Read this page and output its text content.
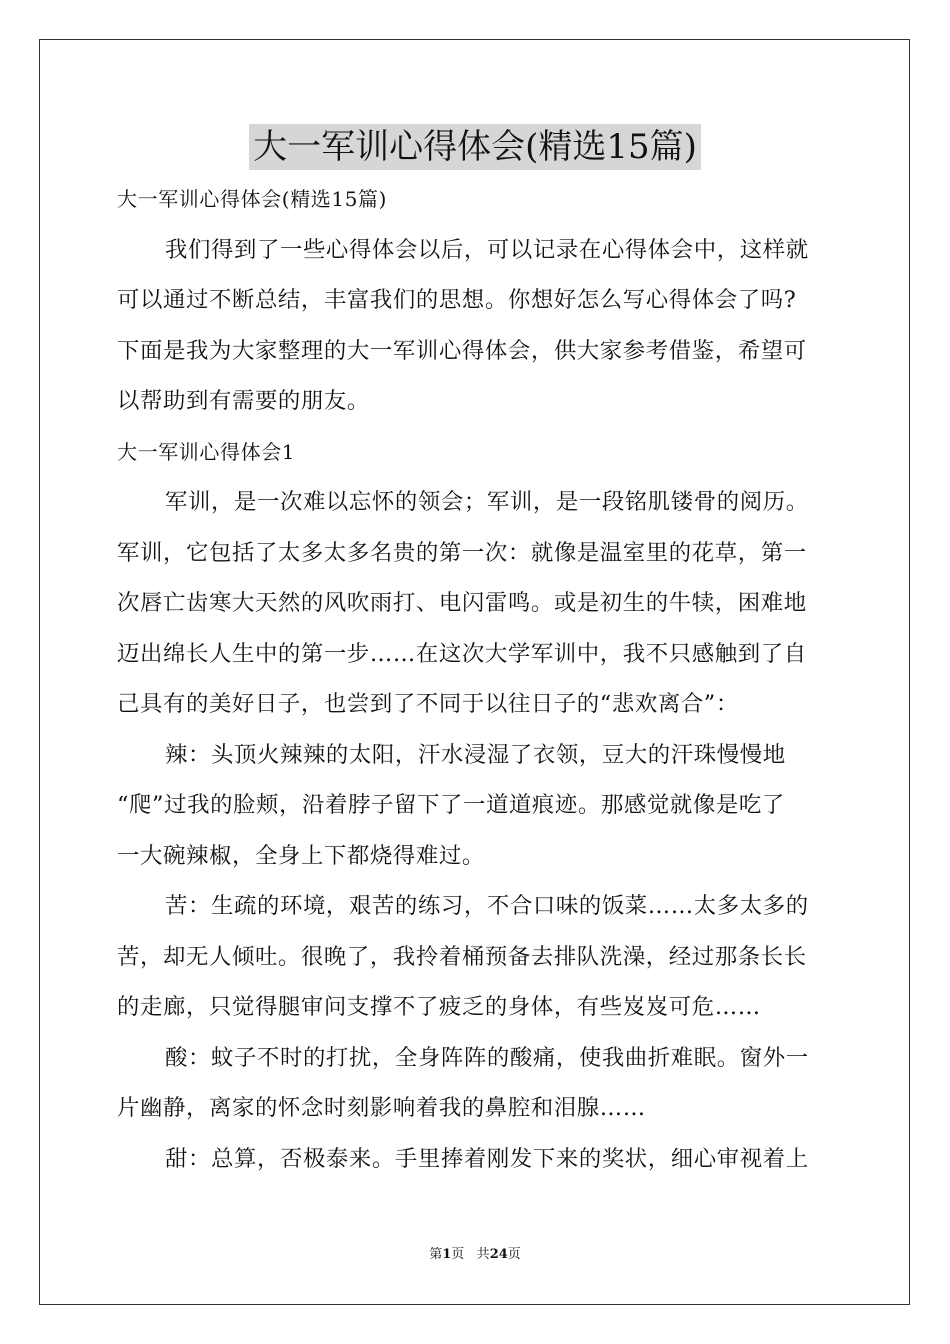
大一军训心得体会(精选15篇)
大一军训心得体会(精选15篇)
我们得到了一些心得体会以后，可以记录在心得体会中，这样就
可以通过不断总结，丰富我们的思想。你想好怎么写心得体会了吗?
下面是我为大家整理的大一军训心得体会，供大家参考借鉴，希望可
以帮助到有需要的朋友。
大一军训心得体会1
军训，是一次难以忘怀的领会；军训，是一段铭肌镂骨的阅历。
军训，它包括了太多太多名贵的第一次：就像是温室里的花草，第一
次唇亡齿寒大天然的风吹雨打、电闪雷鸣。或是初生的牛犊，困难地
迈出绵长人生中的第一步……在这次大学军训中，我不只感触到了自
己具有的美好日子，也尝到了不同于以往日子的“悲欢离合”：
辣：头顶火辣辣的太阳，汗水浸湿了衣领，豆大的汗珠慢慢地
“爬”过我的脸颊，沿着脖子留下了一道道痕迹。那感觉就像是吃了
一大碗辣椒，全身上下都烧得难过。
苦：生疏的环境，艰苦的练习，不合口味的饭菜……太多太多的
苦，却无人倾吐。很晚了，我拎着桶预备去排队洗澡，经过那条长长
的走廊，只觉得腿审问支撑不了疲乏的身体，有些岌岌可危……
酸：蚊子不时的打扰，全身阵阵的酸痛，使我曲折难眠。窗外一
片幽静，离家的怀念时刻影响着我的鼻腔和泪腺……
甜：总算，否极泰来。手里捧着刚发下来的奖状，细心审视着上
第1页 共24页
